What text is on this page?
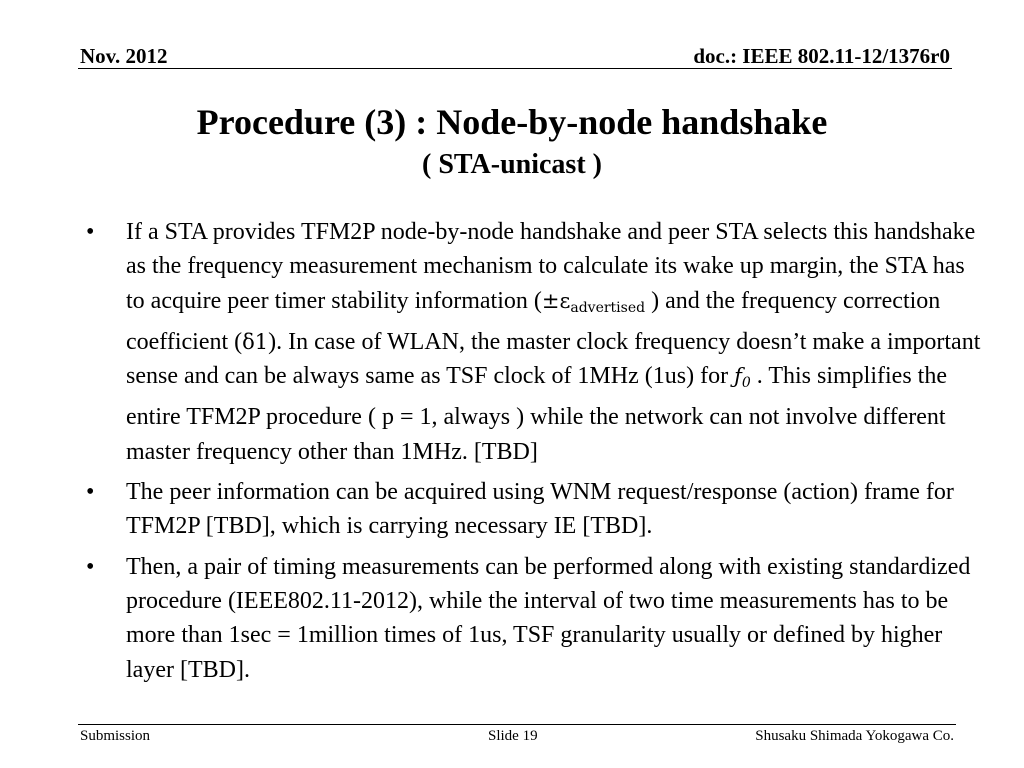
Nov. 2012	doc.: IEEE 802.11-12/1376r0
Procedure (3) : Node-by-node handshake
( STA-unicast )
• If a STA provides TFM2P node-by-node handshake and peer STA selects this handshake as the frequency measurement mechanism to calculate its wake up margin, the STA has to acquire peer timer stability information ($\pm\varepsilon_{advertised}$ ) and the frequency correction coefficient (δ1). In case of WLAN, the master clock frequency doesn’t make a important sense and can be always same as TSF clock of 1MHz (1us) for $ƒ_0$ . This simplifies the entire TFM2P procedure ( p = 1, always ) while the network can not involve different master frequency other than 1MHz. [TBD]
• The peer information can be acquired using WNM request/response (action) frame for TFM2P [TBD], which is carrying necessary IE [TBD].
• Then, a pair of timing measurements can be performed along with existing standardized procedure (IEEE802.11-2012), while the interval of two time measurements has to be more than 1sec = 1million times of 1us, TSF granularity usually or defined by higher layer [TBD].
Submission	Slide 19	Shusaku Shimada Yokogawa Co.
